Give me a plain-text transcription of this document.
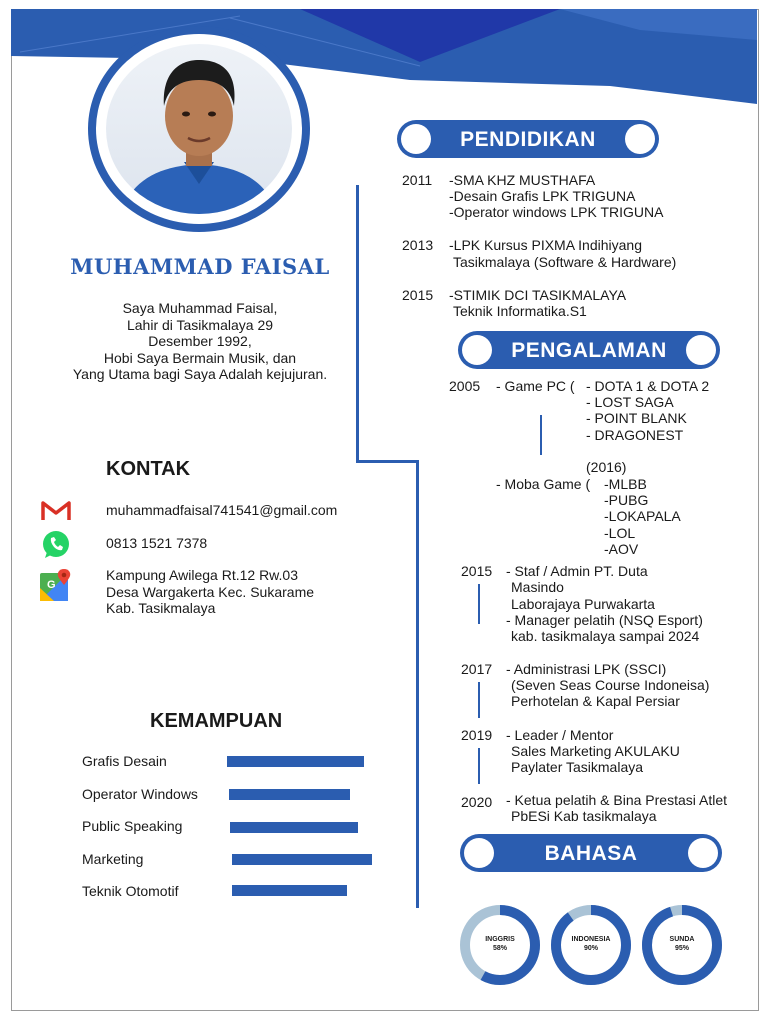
MUHAMMAD FAISAL
Saya Muhammad Faisal,
Lahir di Tasikmalaya 29
Desember 1992,
Hobi Saya Bermain Musik, dan
Yang Utama bagi Saya Adalah kejujuran.
KONTAK
muhammadfaisal741541@gmail.com
0813 1521 7378
G
Kampung Awilega Rt.12 Rw.03
Desa Wargakerta Kec. Sukarame
Kab. Tasikmalaya
KEMAMPUAN
Grafis Desain
Operator Windows
Public Speaking
Marketing
Teknik Otomotif
PENDIDIKAN
2011 -SMA KHZ MUSTHAFA
-Desain Grafis LPK TRIGUNA
-Operator windows LPK TRIGUNA
2013 -LPK Kursus PIXMA Indihiyang
Tasikmalaya (Software & Hardware)
2015 -STIMIK DCI TASIKMALAYA
Teknik Informatika.S1
PENGALAMAN
2005 - Game PC ( - DOTA 1 & DOTA 2
- LOST SAGA
- POINT BLANK
- DRAGONEST
(2016)
- Moba Game ( -MLBB
-PUBG
-LOKAPALA
-LOL
-AOV
2015 - Staf / Admin PT. Duta
Masindo
Laborajaya Purwakarta
- Manager pelatih (NSQ Esport)
kab. tasikmalaya sampai 2024
2017 - Administrasi LPK (SSCI)
(Seven Seas Course Indoneisa)
Perhotelan & Kapal Persiar
2019 - Leader / Mentor
Sales Marketing AKULAKU
Paylater Tasikmalaya
2020 - Ketua pelatih & Bina Prestasi Atlet
PbESi Kab tasikmalaya
BAHASA
INGGRIS
58%
INDONESIA
90%
SUNDA
95%
